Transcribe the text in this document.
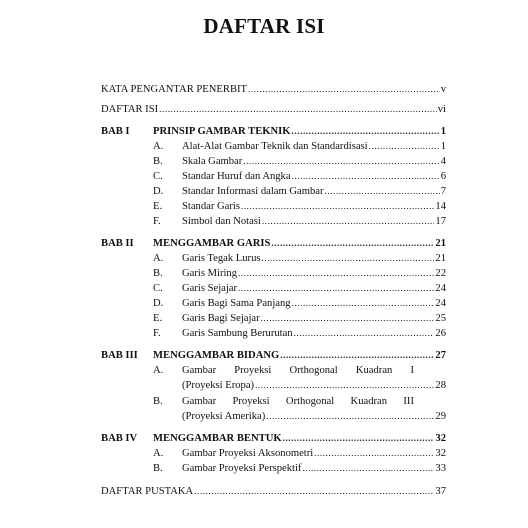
DAFTAR ISI
KATA PENGANTAR PENERBIT .....	v
DAFTAR ISI .....	vi
BAB I PRINSIP GAMBAR TEKNIK .....	1
A. Alat-Alat Gambar Teknik dan Standardisasi .....	1
B. Skala Gambar .....	4
C. Standar Huruf dan Angka .....	6
D. Standar Informasi dalam Gambar .....	7
E. Standar Garis .....	14
F. Simbol dan Notasi .....	17
BAB II MENGGAMBAR GARIS .....	21
A. Garis Tegak Lurus .....	21
B. Garis Miring .....	22
C. Garis Sejajar .....	24
D. Garis Bagi Sama Panjang .....	24
E. Garis Bagi Sejajar .....	25
F. Garis Sambung Berurutan .....	26
BAB III MENGGAMBAR BIDANG .....	27
A. Gambar Proyeksi Orthogonal Kuadran I
(Proyeksi Eropa) .....	28
B. Gambar Proyeksi Orthogonal Kuadran III
(Proyeksi Amerika) .....	29
BAB IV MENGGAMBAR BENTUK .....	32
A. Gambar Proyeksi Aksonometri .....	32
B. Gambar Proyeksi Perspektif .....	33
DAFTAR PUSTAKA .....	37
